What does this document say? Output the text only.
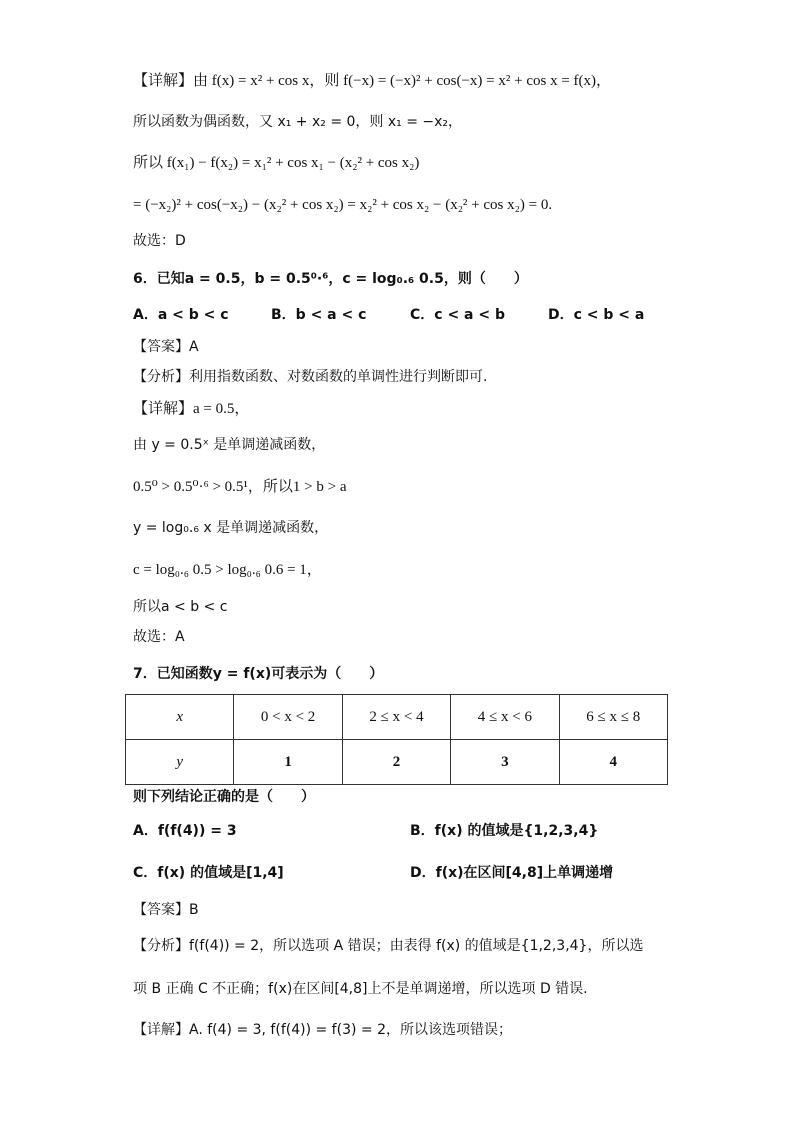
【详解】由 f(x) = x² + cos x，则 f(−x) = (−x)² + cos(−x) = x² + cos x = f(x)，
所以函数为偶函数，又 x₁ + x₂ = 0，则 x₁ = −x₂，
所以 f(x₁) − f(x₂) = x₁² + cos x₁ − (x₂² + cos x₂)
= (−x₂)² + cos(−x₂) − (x₂² + cos x₂) = x₂² + cos x₂ − (x₂² + cos x₂) = 0.
故选：D
6．已知a = 0.5，b = 0.5⁰·⁶，c = log₀.₆ 0.5，则（　　）
A．a < b < c	B．b < a < c	C．c < a < b	D．c < b < a
【答案】A
【分析】利用指数函数、对数函数的单调性进行判断即可.
【详解】a = 0.5，
由 y = 0.5ˣ 是单调递减函数，
0.5⁰ > 0.5⁰·⁶ > 0.5¹，所以1 > b > a
y = log₀.₆ x 是单调递减函数，
c = log₀.₆ 0.5 > log₀.₆ 0.6 = 1，
所以a < b < c
故选：A
7．已知函数y = f(x)可表示为（　　）
x	0 < x < 2	2 ≤ x < 4	4 ≤ x < 6	6 ≤ x ≤ 8
y	1	2	3	4
则下列结论正确的是（　　）
A．f(f(4)) = 3	B．f(x) 的值域是{1,2,3,4}
C．f(x) 的值域是[1,4]	D．f(x)在区间[4,8]上单调递增
【答案】B
【分析】f(f(4)) = 2，所以选项 A 错误；由表得 f(x) 的值域是{1,2,3,4}，所以选
项 B 正确 C 不正确；f(x)在区间[4,8]上不是单调递增，所以选项 D 错误.
【详解】A. f(4) = 3, f(f(4)) = f(3) = 2，所以该选项错误；
